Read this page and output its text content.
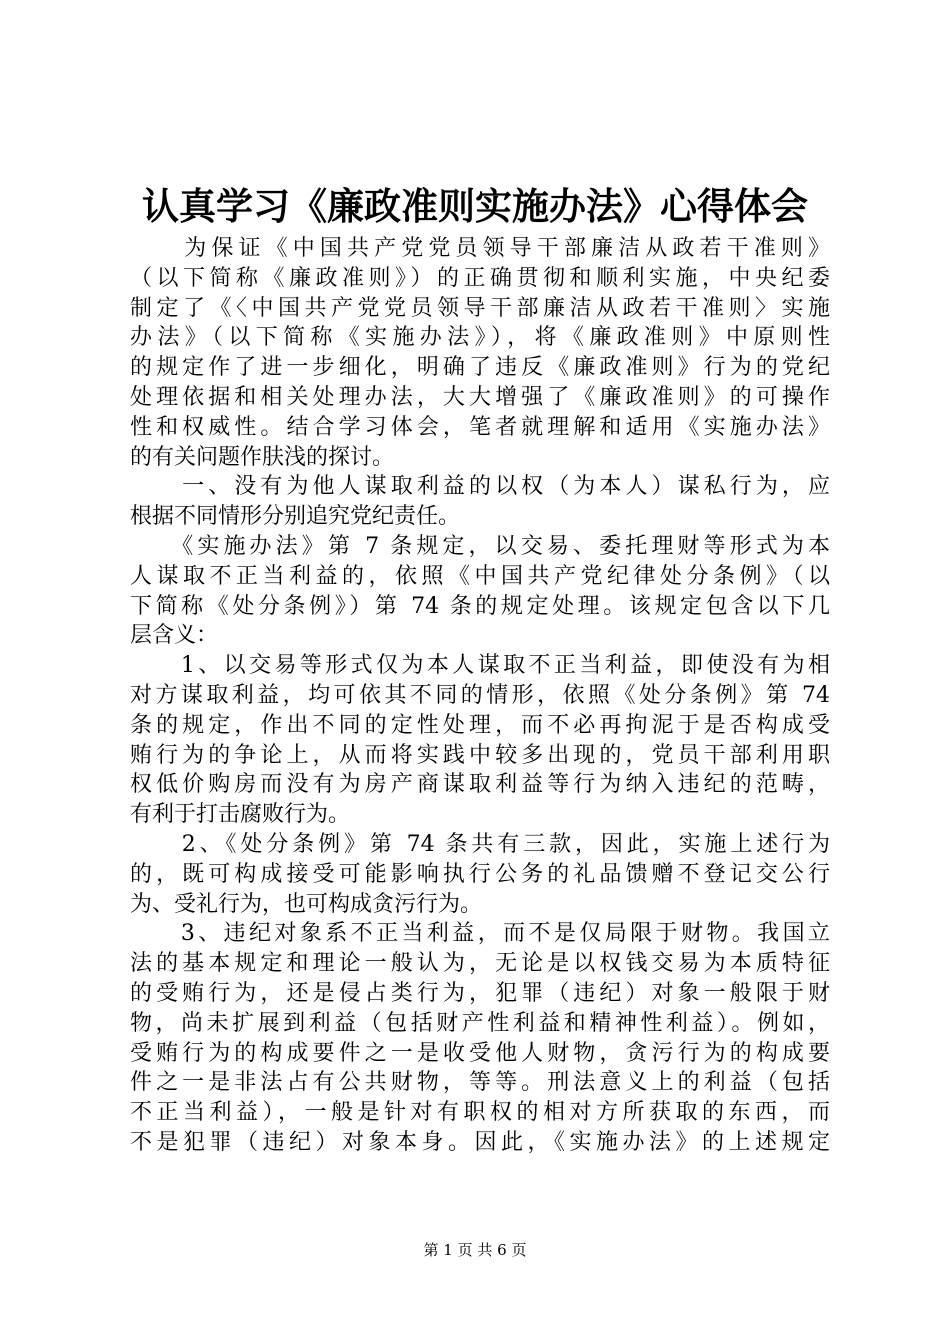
认真学习《廉政准则实施办法》心得体会
　　为保证《中国共产党党员领导干部廉洁从政若干准则》
（以下简称《廉政准则》）的正确贯彻和顺利实施，中央纪委
制定了《〈中国共产党党员领导干部廉洁从政若干准则〉实施
办法》（以下简称《实施办法》），将《廉政准则》中原则性
的规定作了进一步细化，明确了违反《廉政准则》行为的党纪
处理依据和相关处理办法，大大增强了《廉政准则》的可操作
性和权威性。结合学习体会，笔者就理解和适用《实施办法》
的有关问题作肤浅的探讨。
　　一、没有为他人谋取利益的以权（为本人）谋私行为，应
根据不同情形分别追究党纪责任。
　　《实施办法》第 7 条规定，以交易、委托理财等形式为本
人谋取不正当利益的，依照《中国共产党纪律处分条例》（以
下简称《处分条例》）第 74 条的规定处理。该规定包含以下几
层含义：
　　1、以交易等形式仅为本人谋取不正当利益，即使没有为相
对方谋取利益，均可依其不同的情形，依照《处分条例》第 74
条的规定，作出不同的定性处理，而不必再拘泥于是否构成受
贿行为的争论上，从而将实践中较多出现的，党员干部利用职
权低价购房而没有为房产商谋取利益等行为纳入违纪的范畴，
有利于打击腐败行为。
　　2、《处分条例》第 74 条共有三款，因此，实施上述行为
的，既可构成接受可能影响执行公务的礼品馈赠不登记交公行
为、受礼行为，也可构成贪污行为。
　　3、违纪对象系不正当利益，而不是仅局限于财物。我国立
法的基本规定和理论一般认为，无论是以权钱交易为本质特征
的受贿行为，还是侵占类行为，犯罪（违纪）对象一般限于财
物，尚未扩展到利益（包括财产性利益和精神性利益）。例如，
受贿行为的构成要件之一是收受他人财物，贪污行为的构成要
件之一是非法占有公共财物，等等。刑法意义上的利益（包括
不正当利益），一般是针对有职权的相对方所获取的东西，而
不是犯罪（违纪）对象本身。因此，《实施办法》的上述规定
第 1 页 共 6 页
